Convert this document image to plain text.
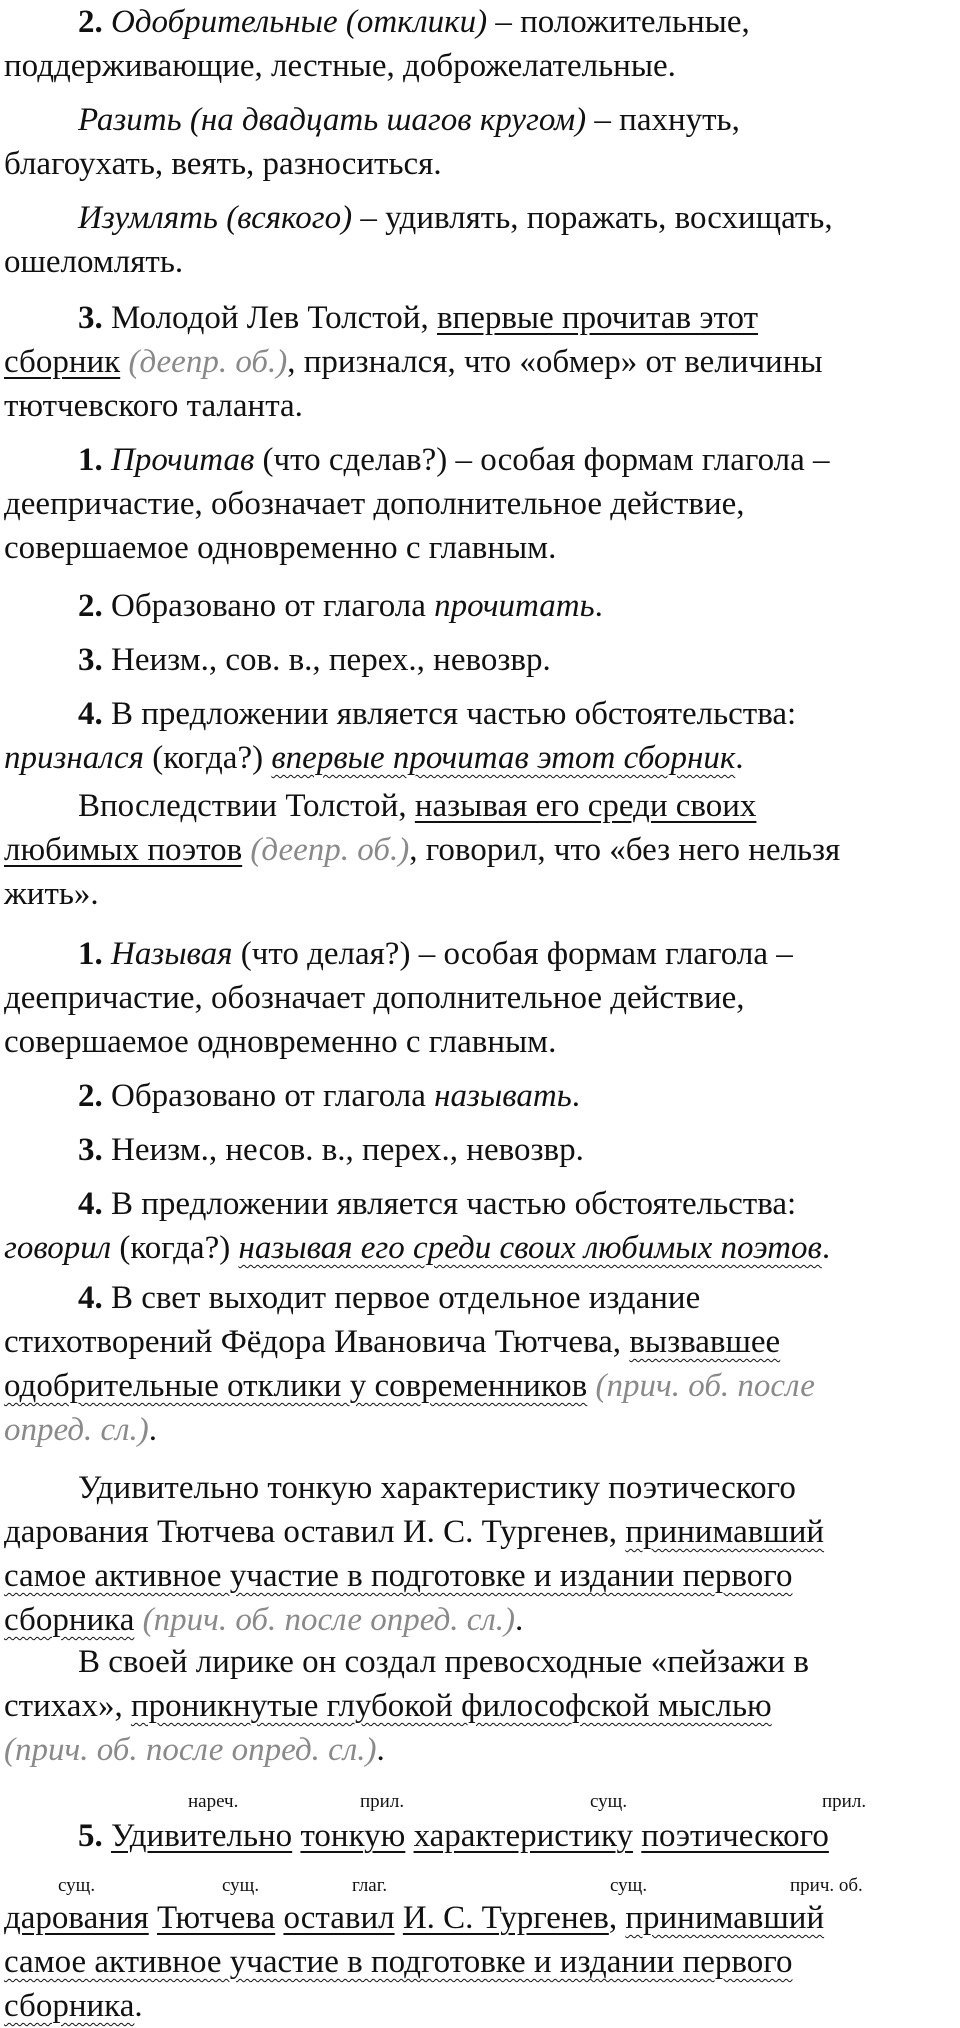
2. Одобрительные (отклики) – положительные,
поддерживающие, лестные, доброжелательные.
Разить (на двадцать шагов кругом) – пахнуть,
благоухать, веять, разноситься.
Изумлять (всякого) – удивлять, поражать, восхищать,
ошеломлять.
3. Молодой Лев Толстой, впервые прочитав этот
сборник (деепр. об.), признался, что «обмер» от величины
тютчевского таланта.
1. Прочитав (что сделав?) – особая формам глагола –
деепричастие, обозначает дополнительное действие,
совершаемое одновременно с главным.
2. Образовано от глагола прочитать.
3. Неизм., сов. в., перех., невозвр.
4. В предложении является частью обстоятельства:
признался (когда?) впервые прочитав этот сборник.
Впоследствии Толстой, называя его среди своих
любимых поэтов (деепр. об.), говорил, что «без него нельзя
жить».
1. Называя (что делая?) – особая формам глагола –
деепричастие, обозначает дополнительное действие,
совершаемое одновременно с главным.
2. Образовано от глагола называть.
3. Неизм., несов. в., перех., невозвр.
4. В предложении является частью обстоятельства:
говорил (когда?) называя его среди своих любимых поэтов.
4. В свет выходит первое отдельное издание
стихотворений Фёдора Ивановича Тютчева, вызвавшее
одобрительные отклики у современников (прич. об. после
опред. сл.).
Удивительно тонкую характеристику поэтического
дарования Тютчева оставил И. С. Тургенев, принимавший
самое активное участие в подготовке и издании первого
сборника (прич. об. после опред. сл.).
В своей лирике он создал превосходные «пейзажи в
стихах», проникнутые глубокой философской мыслью
(прич. об. после опред. сл.).
нареч.	прил.	сущ.	прил.
5. Удивительно тонкую характеристику поэтического
сущ.	сущ.	глаг.	сущ.	прич. об.
дарования Тютчева оставил И. С. Тургенев, принимавший
самое активное участие в подготовке и издании первого
сборника.
